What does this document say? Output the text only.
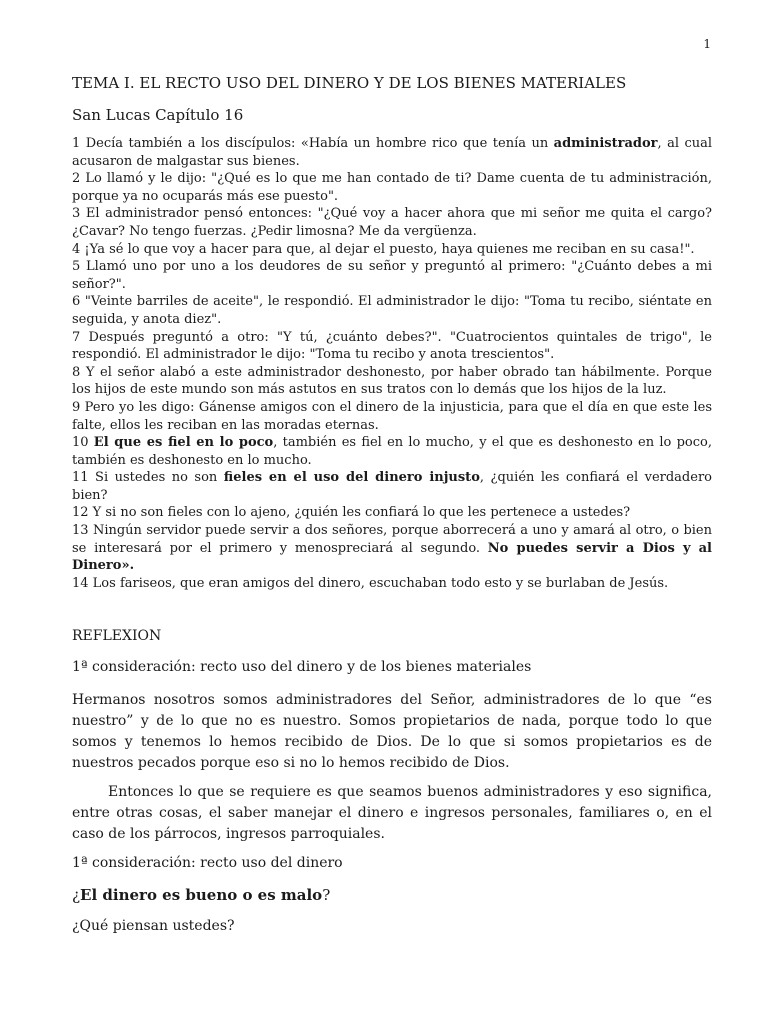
1
TEMA I. EL RECTO USO DEL DINERO Y DE LOS BIENES MATERIALES
San Lucas Capítulo 16

1 Decía también a los discípulos: «Había un hombre rico que tenía un administrador, al cual acusaron de malgastar sus bienes.

2 Lo llamó y le dijo: "¿Qué es lo que me han contado de ti? Dame cuenta de tu administración, porque ya no ocuparás más ese puesto".

3 El administrador pensó entonces: "¿Qué voy a hacer ahora que mi señor me quita el cargo? ¿Cavar? No tengo fuerzas. ¿Pedir limosna? Me da vergüenza.

4 ¡Ya sé lo que voy a hacer para que, al dejar el puesto, haya quienes me reciban en su casa!".

5 Llamó uno por uno a los deudores de su señor y preguntó al primero: "¿Cuánto debes a mi señor?".

6 "Veinte barriles de aceite", le respondió. El administrador le dijo: "Toma tu recibo, siéntate en seguida, y anota diez".

7 Después preguntó a otro: "Y tú, ¿cuánto debes?". "Cuatrocientos quintales de trigo", le respondió. El administrador le dijo: "Toma tu recibo y anota trescientos".

8 Y el señor alabó a este administrador deshonesto, por haber obrado tan hábilmente. Porque los hijos de este mundo son más astutos en sus tratos con lo demás que los hijos de la luz.

9 Pero yo les digo: Gánense amigos con el dinero de la injusticia, para que el día en que este les falte, ellos les reciban en las moradas eternas.

10 El que es fiel en lo poco, también es fiel en lo mucho, y el que es deshonesto en lo poco, también es deshonesto en lo mucho.

11 Si ustedes no son fieles en el uso del dinero injusto, ¿quién les confiará el verdadero bien?

12 Y si no son fieles con lo ajeno, ¿quién les confiará lo que les pertenece a ustedes?

13 Ningún servidor puede servir a dos señores, porque aborrecerá a uno y amará al otro, o bien se interesará por el primero y menospreciará al segundo. No puedes servir a Dios y al Dinero».

14 Los fariseos, que eran amigos del dinero, escuchaban todo esto y se burlaban de Jesús.

REFLEXION
1ª consideración: recto uso del dinero y de los bienes materiales

Hermanos nosotros somos administradores del Señor, administradores de lo que “es nuestro” y de lo que no es nuestro. Somos propietarios de nada, porque todo lo que somos y tenemos lo hemos recibido de Dios. De lo que si somos propietarios es de nuestros pecados porque eso si no lo hemos recibido de Dios.

Entonces lo que se requiere es que seamos buenos administradores y eso significa, entre otras cosas, el saber manejar el dinero e ingresos personales, familiares o, en el caso de los párrocos, ingresos parroquiales.

1ª consideración: recto uso del dinero
¿El dinero es bueno o es malo?
¿Qué piensan ustedes?
